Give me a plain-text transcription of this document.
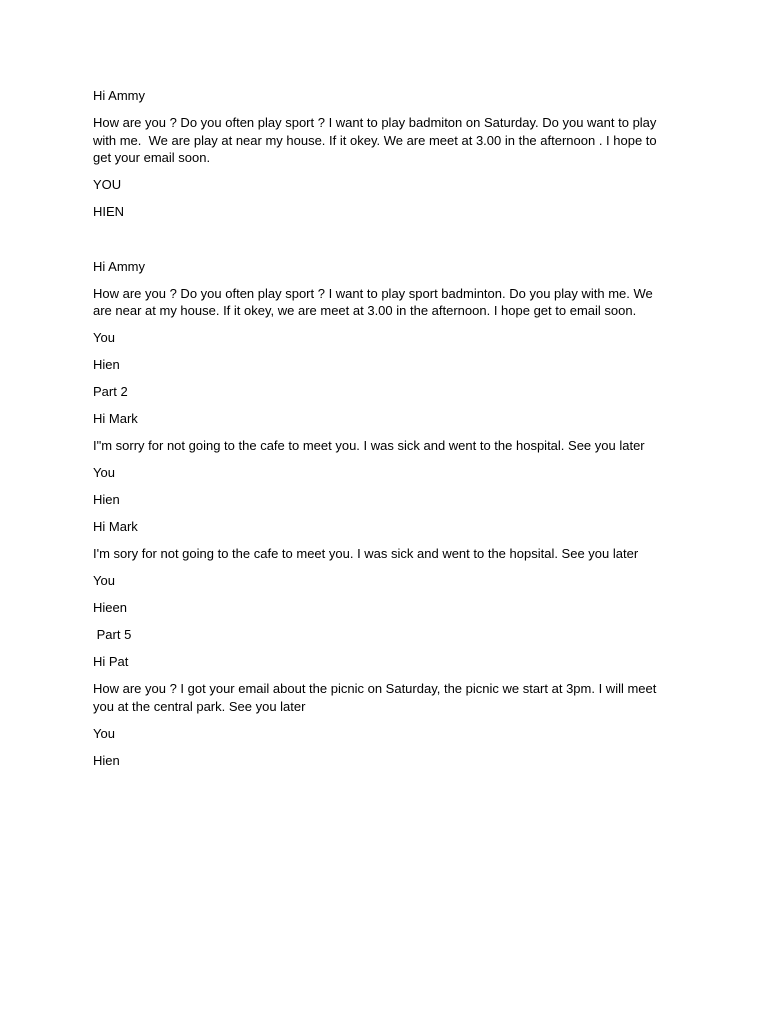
Hi Ammy

How are you ? Do you often play sport ? I want to play badmiton on Saturday. Do you want to play with me.  We are play at near my house. If it okey. We are meet at 3.00 in the afternoon . I hope to get your email soon.

YOU

HIEN

Hi Ammy

How are you ? Do you often play sport ? I want to play sport badminton. Do you play with me. We are near at my house. If it okey, we are meet at 3.00 in the afternoon. I hope get to email soon.

You

Hien

Part 2

Hi Mark

I"m sorry for not going to the cafe to meet you. I was sick and went to the hospital. See you later

You

Hien

Hi Mark

I'm sory for not going to the cafe to meet you. I was sick and went to the hopsital. See you later

You

Hieen

Part 5

Hi Pat

How are you ? I got your email about the picnic on Saturday, the picnic we start at 3pm. I will meet you at the central park. See you later

You

Hien
